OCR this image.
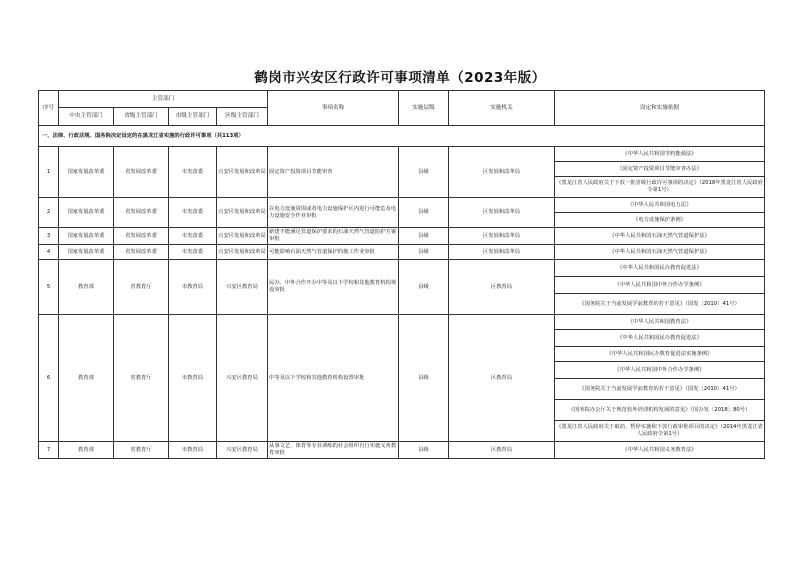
鹤岗市兴安区行政许可事项清单（2023年版）
序号	主管部门				事项名称	实施层级	实施机关	设定和实施依据
	中央主管部门	省级主管部门	市级主管部门	区级主管部门				
一、法律、行政法规、国务院决定设定的在黑龙江省实施的行政许可事项（共113项）								
1	国家发展改革委	省发展改革委	市发改委	兴安区发展和改革局	固定资产投资项目节能审查	县级	区发展和改革局	《中华人民共和国节约能源法》
								《固定资产投资项目节能审查办法》
								《黑龙江省人民政府关于下放一批省级行政许可事项的决定》（2018年黑龙江省人民政府令第1号）
2	国家发展改革委	省发展改革委	市发改委	兴安区发展和改革局	在电力设施周围或者电力设施保护区内进行可能危及电力设施安全作业审批	县级	区发展和改革局	《中华人民共和国电力法》
								《电力设施保护条例》
3	国家发展改革委	省发展改革委	市发改委	兴安区发展和改革局	新建不能满足管道保护要求的石油天然气管道防护方案审批	县级	区发展和改革局	《中华人民共和国石油天然气管道保护法》
4	国家发展改革委	省发展改革委	市发改委	兴安区发展和改革局	可能影响石油天然气管道保护的施工作业审批	县级	区发展和改革局	《中华人民共和国石油天然气管道保护法》
5	教育部	省教育厅	市教育局	兴安区教育局	民办、中外合作开办中等及以下学校和其他教育机构筹设审批	县级	区教育局	《中华人民共和国民办教育促进法》
								《中华人民共和国中外合作办学条例》
								《国务院关于当前发展学前教育的若干意见》（国发〔2010〕41号）
6	教育部	省教育厅	市教育局	兴安区教育局	中等及以下学校和其他教育机构设置审批	县级	区教育局	《中华人民共和国教育法》
								《中华人民共和国民办教育促进法》
								《中华人民共和国民办教育促进法实施条例》
								《中华人民共和国中外合作办学条例》
								《国务院关于当前发展学前教育的若干意见》（国发〔2010〕41号）
								《国务院办公厅关于规范校外培训机构发展的意见》（国办发〔2018〕80号）
								《黑龙江省人民政府关于取消、暂停实施和下放行政审批项目的决定》（2014年黑龙江省人民政府令第1号）
7	教育部	省教育厅	市教育局	兴安区教育局	从事文艺、体育等专业训练的社会组织自行实施义务教育审批	县级	区教育局	《中华人民共和国义务教育法》
